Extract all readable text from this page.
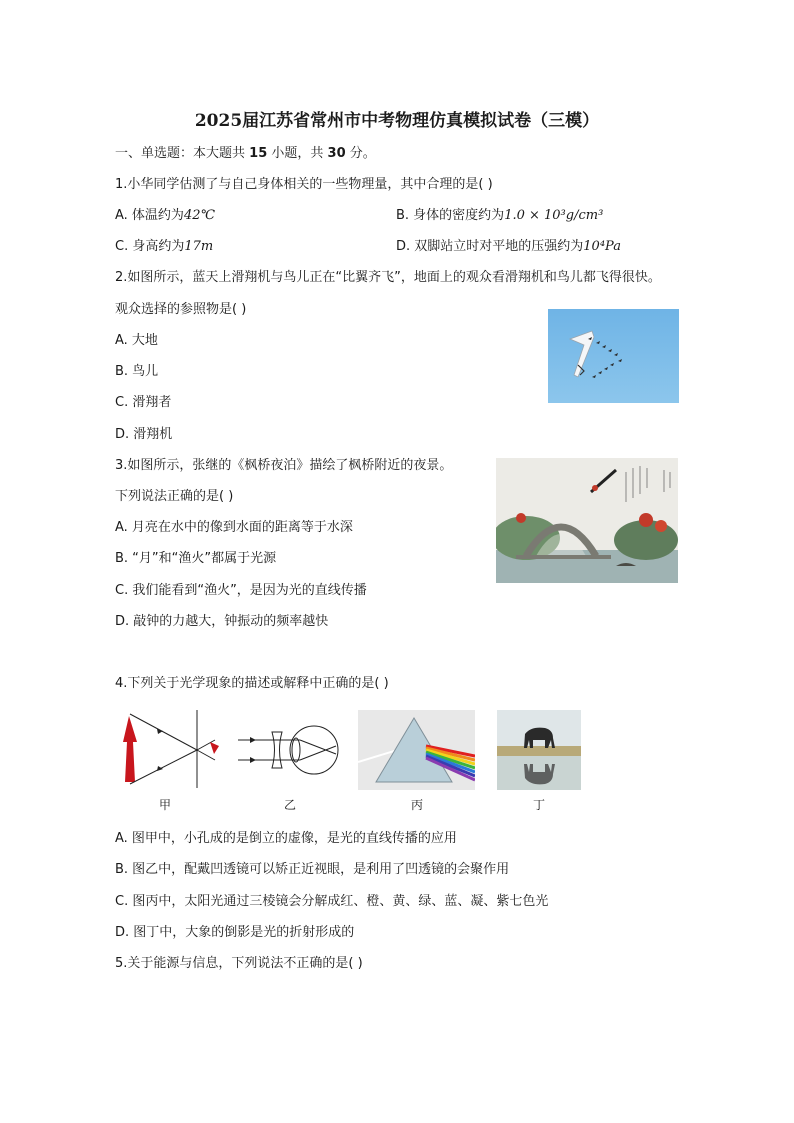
2025届江苏省常州市中考物理仿真模拟试卷（三模）
一、单选题：本大题共 15 小题，共 30 分。
1.小华同学估测了与自己身体相关的一些物理量，其中合理的是( )
A. 体温约为42℃	B. 身体的密度约为1.0 × 10³g/cm³
C. 身高约为17m	D. 双脚站立时对平地的压强约为10⁴Pa
2.如图所示，蓝天上滑翔机与鸟儿正在“比翼齐飞”，地面上的观众看滑翔机和鸟儿都飞得很快。
观众选择的参照物是( )
A. 大地
B. 鸟儿
C. 滑翔者
D. 滑翔机
3.如图所示，张继的《枫桥夜泊》描绘了枫桥附近的夜景。
下列说法正确的是( )
A. 月亮在水中的像到水面的距离等于水深
B. “月”和“渔火”都属于光源
C. 我们能看到“渔火”，是因为光的直线传播
D. 敲钟的力越大，钟振动的频率越快
4.下列关于光学现象的描述或解释中正确的是( )
甲	乙	丙	丁
A. 图甲中，小孔成的是倒立的虚像，是光的直线传播的应用
B. 图乙中，配戴凹透镜可以矫正近视眼，是利用了凹透镜的会聚作用
C. 图丙中，太阳光通过三棱镜会分解成红、橙、黄、绿、蓝、凝、紫七色光
D. 图丁中，大象的倒影是光的折射形成的
5.关于能源与信息，下列说法不正确的是( )
